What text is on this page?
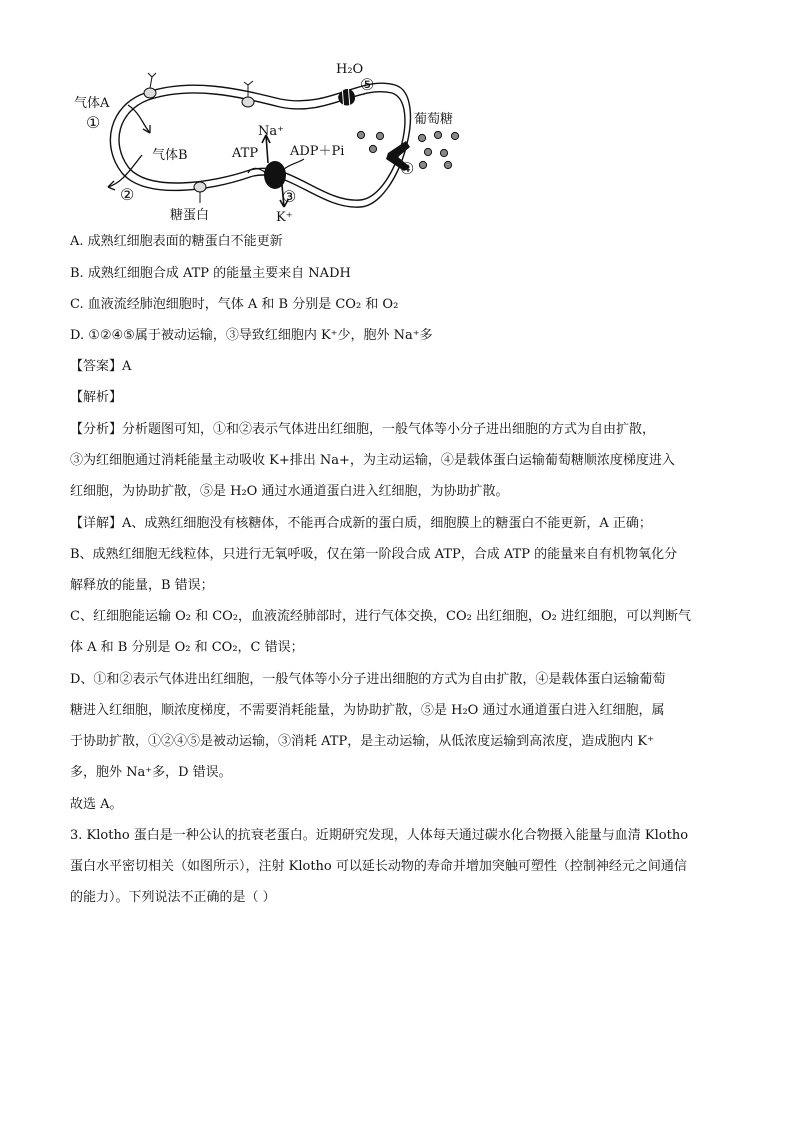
气体A
①
气体B
②
糖蛋白
H₂O
⑤
葡萄糖
④
Na⁺
ATP ADP＋Pi
③
K⁺
A. 成熟红细胞表面的糖蛋白不能更新
B. 成熟红细胞合成 ATP 的能量主要来自 NADH
C. 血液流经肺泡细胞时，气体 A 和 B 分别是 CO₂ 和 O₂
D. ①②④⑤属于被动运输，③导致红细胞内 K⁺少，胞外 Na⁺多
【答案】A
【解析】
【分析】分析题图可知，①和②表示气体进出红细胞，一般气体等小分子进出细胞的方式为自由扩散，
③为红细胞通过消耗能量主动吸收 K+排出 Na+，为主动运输，④是载体蛋白运输葡萄糖顺浓度梯度进入
红细胞，为协助扩散，⑤是 H₂O 通过水通道蛋白进入红细胞，为协助扩散。
【详解】A、成熟红细胞没有核糖体，不能再合成新的蛋白质，细胞膜上的糖蛋白不能更新，A 正确；
B、成熟红细胞无线粒体，只进行无氧呼吸，仅在第一阶段合成 ATP，合成 ATP 的能量来自有机物氧化分
解释放的能量，B 错误；
C、红细胞能运输 O₂ 和 CO₂，血液流经肺部时，进行气体交换，CO₂ 出红细胞，O₂ 进红细胞，可以判断气
体 A 和 B 分别是 O₂ 和 CO₂，C 错误；
D、①和②表示气体进出红细胞，一般气体等小分子进出细胞的方式为自由扩散，④是载体蛋白运输葡萄
糖进入红细胞，顺浓度梯度，不需要消耗能量，为协助扩散，⑤是 H₂O 通过水通道蛋白进入红细胞，属
于协助扩散，①②④⑤是被动运输，③消耗 ATP，是主动运输，从低浓度运输到高浓度，造成胞内 K⁺
多，胞外 Na⁺多，D 错误。
故选 A。
3. Klotho 蛋白是一种公认的抗衰老蛋白。近期研究发现，人体每天通过碳水化合物摄入能量与血清 Klotho
蛋白水平密切相关（如图所示），注射 Klotho 可以延长动物的寿命并增加突触可塑性（控制神经元之间通信
的能力）。下列说法不正确的是（ ）
